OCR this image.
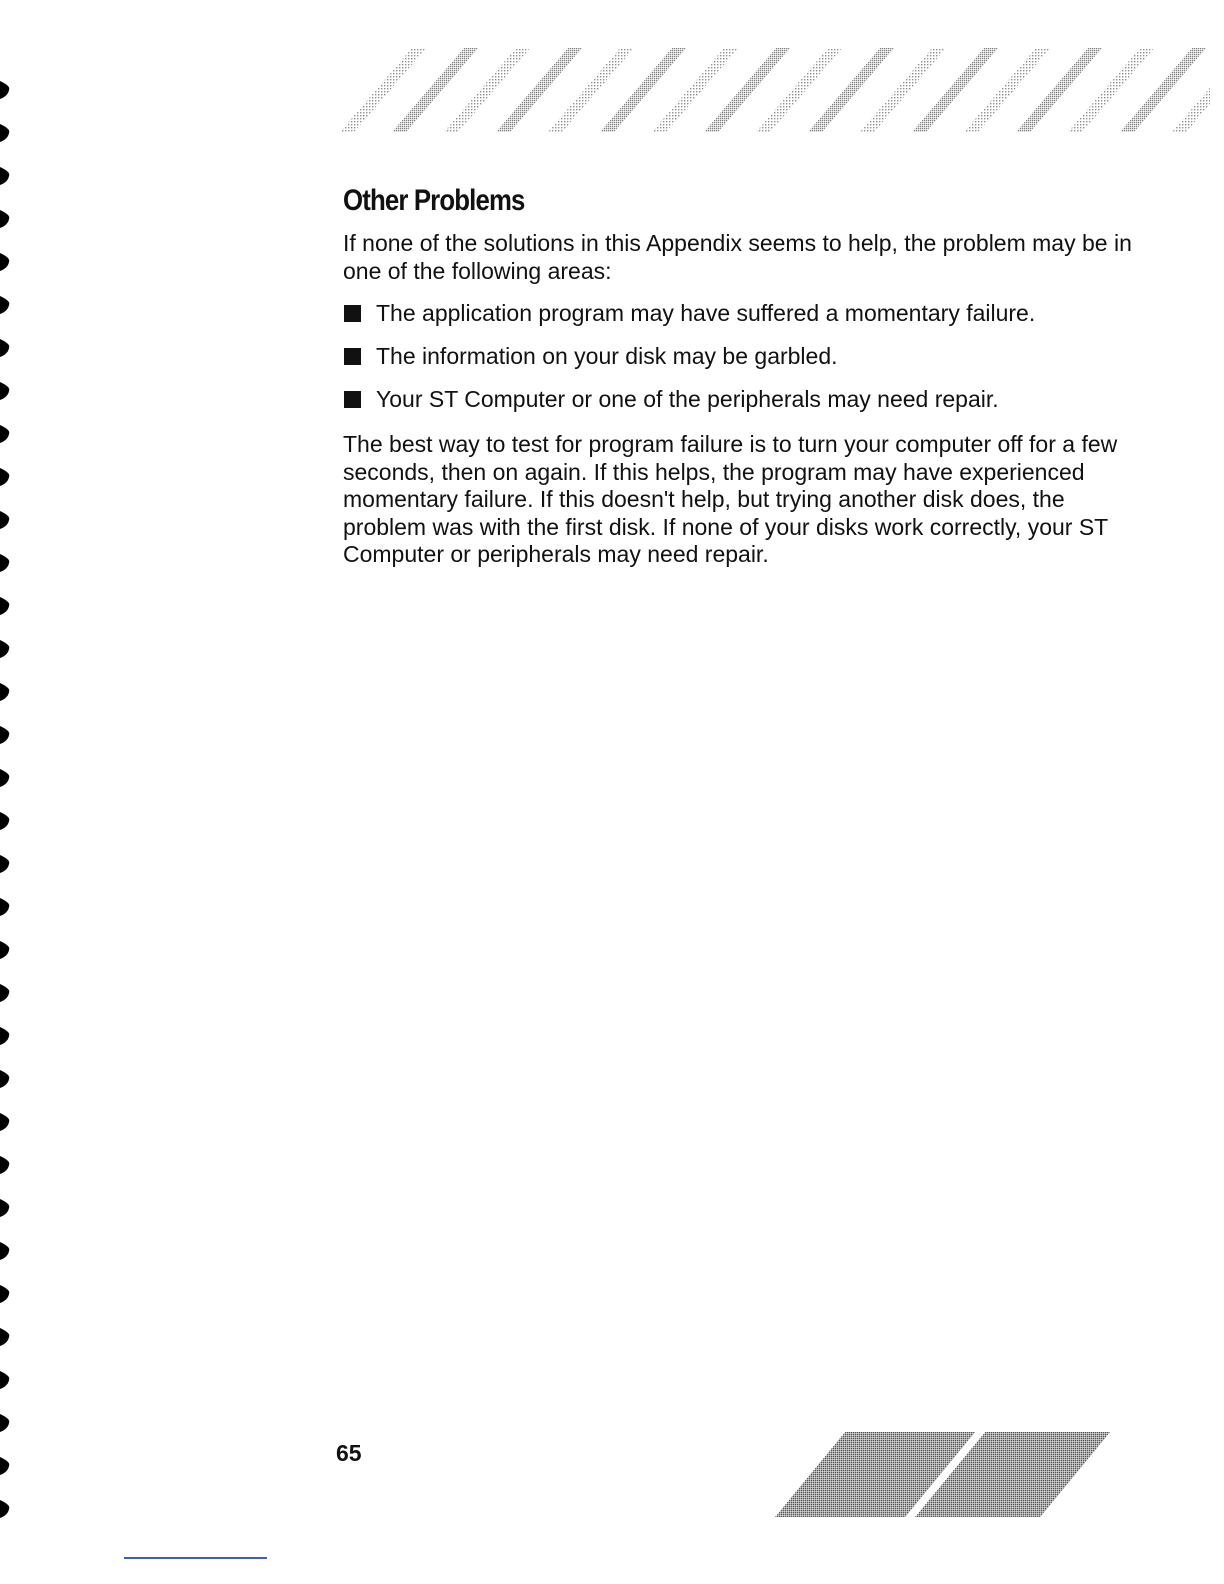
Other Problems

If none of the solutions in this Appendix seems to help, the problem may be in one of the following areas:

The application program may have suffered a momentary failure.
The information on your disk may be garbled.
Your ST Computer or one of the peripherals may need repair.

The best way to test for program failure is to turn your computer off for a few seconds, then on again. If this helps, the program may have experienced momentary failure. If this doesn't help, but trying another disk does, the problem was with the first disk. If none of your disks work correctly, your ST Computer or peripherals may need repair.

65
